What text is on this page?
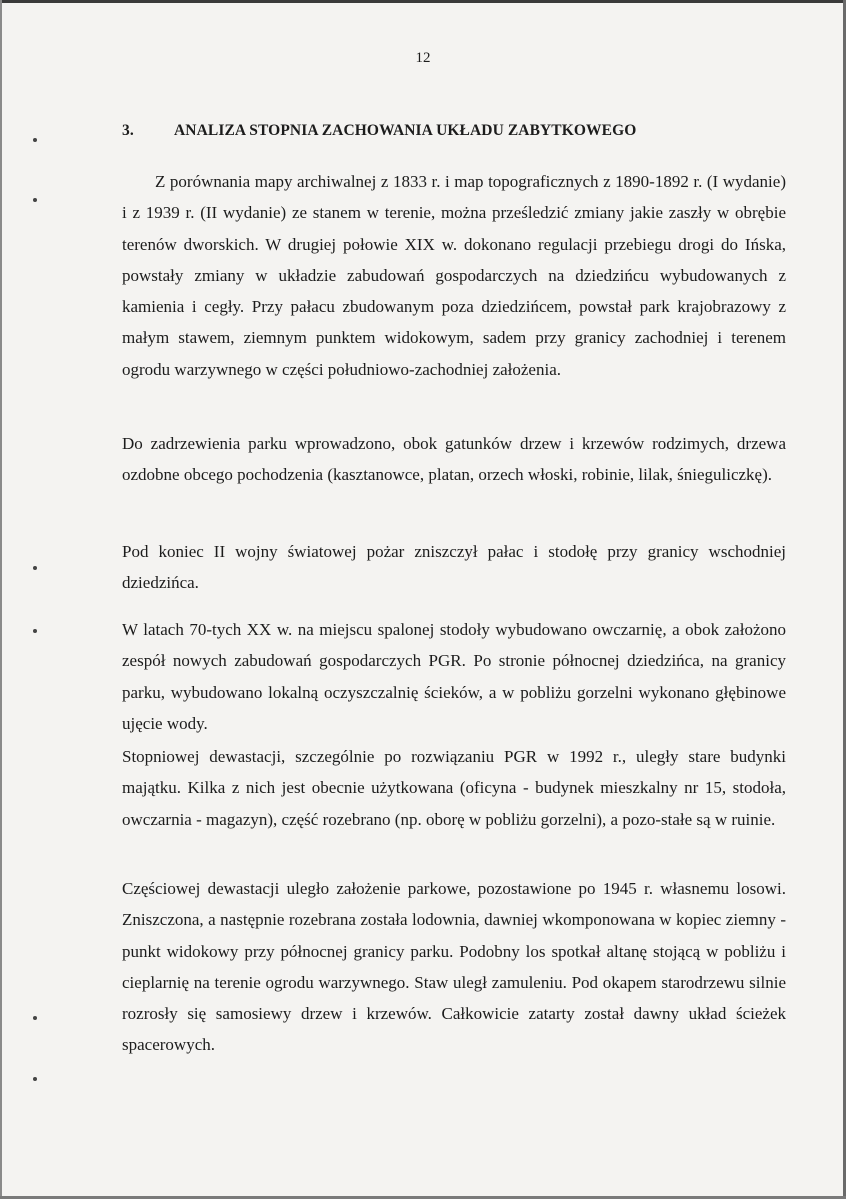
12
3.	ANALIZA STOPNIA ZACHOWANIA UKŁADU ZABYTKOWEGO

Z porównania mapy archiwalnej z 1833 r. i map topograficznych z 1890-1892 r. (I wydanie) i z 1939 r. (II wydanie) ze stanem w terenie, można prześledzić zmiany jakie zaszły w obrębie terenów dworskich. W drugiej połowie XIX w. dokonano regulacji przebiegu drogi do Ińska, powstały zmiany w układzie zabudowań gospodarczych na dziedzińcu wybudowanych z kamienia i cegły. Przy pałacu zbudowanym poza dziedzińcem, powstał park krajobrazowy z małym stawem, ziemnym punktem widokowym, sadem przy granicy zachodniej i terenem ogrodu warzywnego w części południowo-zachodniej założenia.

Do zadrzewienia parku wprowadzono, obok gatunków drzew i krzewów rodzimych, drzewa ozdobne obcego pochodzenia (kasztanowce, platan, orzech włoski, robinie, lilak, śnieguliczkę).

Pod koniec II wojny światowej pożar zniszczył pałac i stodołę przy granicy wschodniej dziedzińca.

W latach 70-tych XX w. na miejscu spalonej stodoły wybudowano owczarnię, a obok założono zespół nowych zabudowań gospodarczych PGR. Po stronie północnej dziedzińca, na granicy parku, wybudowano lokalną oczyszczalnię ścieków, a w pobliżu gorzelni wykonano głębinowe ujęcie wody.

Stopniowej dewastacji, szczególnie po rozwiązaniu PGR w 1992 r., uległy stare budynki majątku. Kilka z nich jest obecnie użytkowana (oficyna - budynek mieszkalny nr 15, stodoła, owczarnia - magazyn), część rozebrano (np. oborę w pobliżu gorzelni), a pozo-stałe są w ruinie.

Częściowej dewastacji uległo założenie parkowe, pozostawione po 1945 r. własnemu losowi. Zniszczona, a następnie rozebrana została lodownia, dawniej wkomponowana w kopiec ziemny - punkt widokowy przy północnej granicy parku. Podobny los spotkał altanę stojącą w pobliżu i cieplarnię na terenie ogrodu warzywnego. Staw uległ zamuleniu. Pod okapem starodrzewu silnie rozrosły się samosiewy drzew i krzewów. Całkowicie zatarty został dawny układ ścieżek spacerowych.
